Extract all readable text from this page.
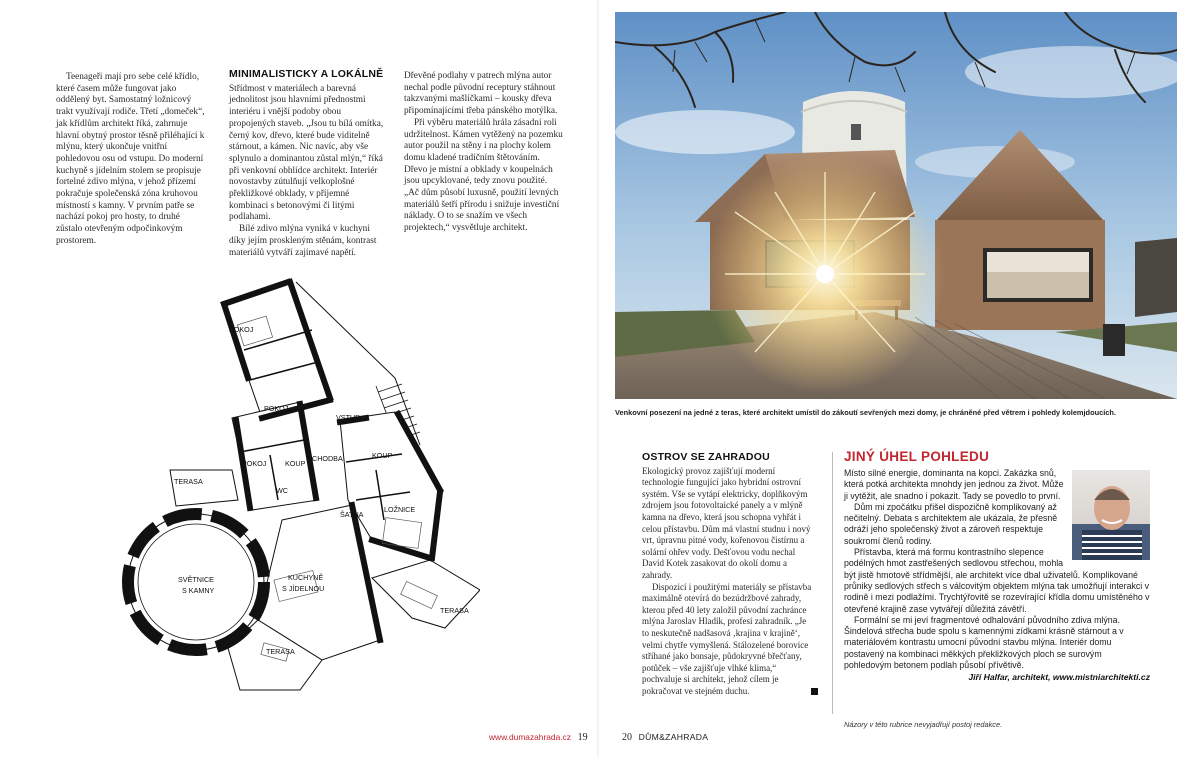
Teenageři mají pro sebe celé křídlo, které časem může fungovat jako oddělený byt. Samostatný ložnicový trakt využívají rodiče. Třetí „domeček“, jak křídlům architekt říká, zahrnuje hlavní obytný prostor těsně přiléhající k mlýnu, který ukončuje vnitřní pohledovou osu od vstupu. Do moderní kuchyně s jídelním stolem se propisuje fortelné zdivo mlýna, v jehož přízemí pokračuje společenská zóna kruhovou místností s kamny. V prvním patře se nachází pokoj pro hosty, to druhé zůstalo otevřeným odpočinkovým prostorem.

MINIMALISTICKY A LOKÁLNĚ

Střídmost v materiálech a barevná jednolitost jsou hlavními přednostmi interiéru i vnější podoby obou propojených staveb. „Jsou tu bílá omítka, černý kov, dřevo, které bude viditelně stárnout, a kámen. Nic navíc, aby vše splynulo a dominantou zůstal mlýn,“ říká při venkovní obhlídce architekt. Interiér novostavby zútulňují velkoplošné překližkové obklady, v příjemné kombinaci s betonovými či litými podlahami.

Bílé zdivo mlýna vyniká v kuchyni díky jejím proskleným stěnám, kontrast materiálů vytváří zajímavé napětí.

Dřevěné podlahy v patrech mlýna autor nechal podle původní receptury stáhnout takzvanými mašličkami – kousky dřeva připomínajícími třeba pánského motýlka.

Při výběru materiálů hrála zásadní roli udržitelnost. Kámen vytěžený na pozemku autor použil na stěny i na plochy kolem domu kladené tradičním štětováním. Dřevo je místní a obklady v koupelnách jsou upcyklované, tedy znovu použité. „Ač dům působí luxusně, použití levných materiálů šetří přírodu i snižuje investiční náklady. O to se snažím ve všech projektech,“ vysvětluje architekt.

POKOJ
POKOJ
POKOJ	KOUP
WC
CHODBA
VSTUP
KOUP
ŠATNA
LOŽNICE
TERASA
TERASA
TERASA
SVĚTNICE
S KAMNY
KUCHYNĚ
S JÍDELNOU
www.dumazahrada.cz 19
Venkovní posezení na jedné z teras, které architekt umístil do zákoutí sevřených mezi domy, je chráněné před větrem i pohledy kolemjdoucích.
OSTROV SE ZAHRADOU

Ekologický provoz zajišťují moderní technologie fungující jako hybridní ostrovní systém. Vše se vytápí elektricky, doplňkovým zdrojem jsou fotovoltaické panely a v mlýně kamna na dřevo, která jsou schopna vyhřát i celou přístavbu. Dům má vlastní studnu i nový vrt, úpravnu pitné vody, kořenovou čistírnu a solární ohřev vody. Dešťovou vodu nechal David Kotek zasakovat do okolí domu a zahrady.

Dispozicí i použitými materiály se přístavba maximálně otevírá do bezúdržbové zahrady, kterou před 40 lety založil původní zachránce mlýna Jaroslav Hladík, profesí zahradník. „Je to neskutečně nadšasová ‚krajina v krajině‘, velmi chytře vymyšlená. Stálozelené borovice stříhané jako bonsaje, půdokryvné břečťany, potůček – vše zajišťuje vlhké klima,“ pochvaluje si architekt, jehož cílem je pokračovat ve stejném duchu.

JINÝ ÚHEL POHLEDU

Místo silné energie, dominanta na kopci. Zakázka snů, která potká architekta mnohdy jen jednou za život. Může ji vytěžit, ale snadno i pokazit. Tady se povedlo to první.

Dům mi zpočátku přišel dispozičně komplikovaný až nečitelný. Debata s architektem ale ukázala, že přesně odráží jeho společenský život a zároveň respektuje soukromí členů rodiny.

Přístavba, která má formu kontrastního slepence podélných hmot zastřešených sedlovou střechou, mohla být jistě hmotově střídmější, ale architekt více dbal uživatelů. Komplikované průniky sedlových střech s válcovitým objektem mlýna tak umožňují interakci v rodině i mezi podlažími. Trychtýřovitě se rozevírající křídla domu umístěného v otevřené krajině zase vytvářejí důležitá závětří.

Formální se mi jeví fragmentové odhalování původního zdiva mlýna. Šindelová střecha bude spolu s kamennými zídkami krásně stárnout a v materiálovém kontrastu umocní původní stavbu mlýna. Interiér domu postavený na kombinaci měkkých překližkových ploch se surovým pohledovým betonem podlah působí přívětivě.

Jiří Halfar, architekt, www.mistniarchitekti.cz
Názory v této rubrice nevyjadřují postoj redakce.
20 DŮM&ZAHRADA
